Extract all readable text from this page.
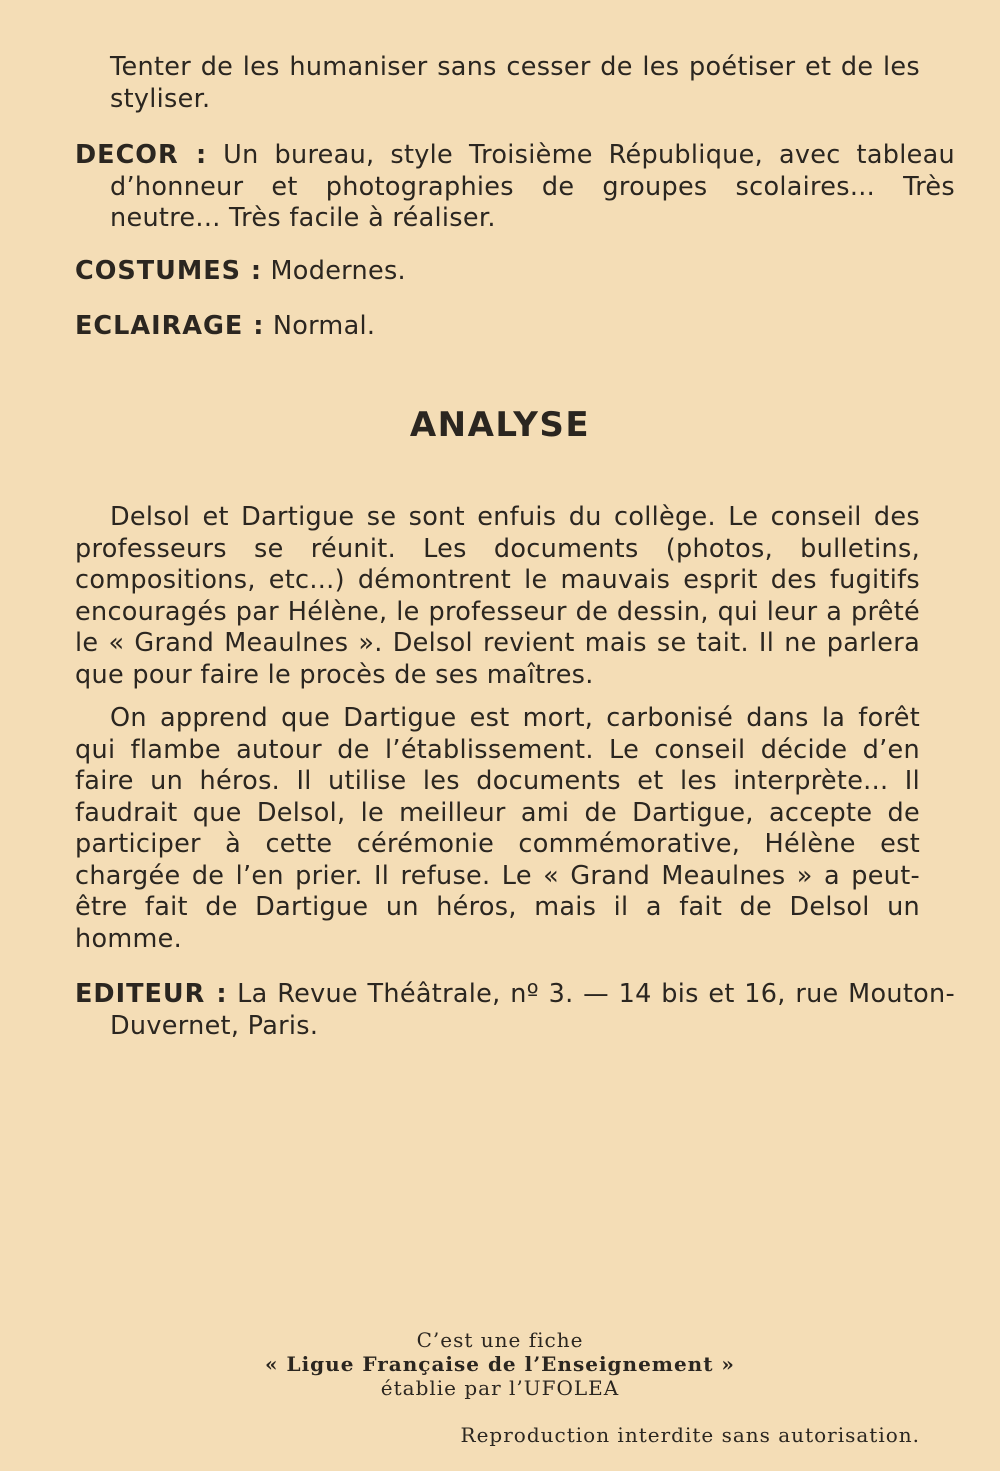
Tenter de les humaniser sans cesser de les poétiser et de les styliser.

DECOR : Un bureau, style Troisième République, avec tableau d’honneur et photographies de groupes scolaires... Très neutre... Très facile à réaliser.

COSTUMES : Modernes.

ECLAIRAGE : Normal.

ANALYSE

Delsol et Dartigue se sont enfuis du collège. Le conseil des professeurs se réunit. Les documents (photos, bulletins, compositions, etc...) démontrent le mauvais esprit des fugitifs encouragés par Hélène, le professeur de dessin, qui leur a prêté le « Grand Meaulnes ». Delsol revient mais se tait. Il ne parlera que pour faire le procès de ses maîtres.

On apprend que Dartigue est mort, carbonisé dans la forêt qui flambe autour de l’établissement. Le conseil décide d’en faire un héros. Il utilise les documents et les interprète... Il faudrait que Delsol, le meilleur ami de Dartigue, accepte de participer à cette cérémonie commémorative, Hélène est chargée de l’en prier. Il refuse. Le « Grand Meaulnes » a peut-être fait de Dartigue un héros, mais il a fait de Delsol un homme.

EDITEUR : La Revue Théâtrale, nº 3. — 14 bis et 16, rue Mouton-Duvernet, Paris.

C’est une fiche
« Ligue Française de l’Enseignement »
établie par l’UFOLEA
Reproduction interdite sans autorisation.
